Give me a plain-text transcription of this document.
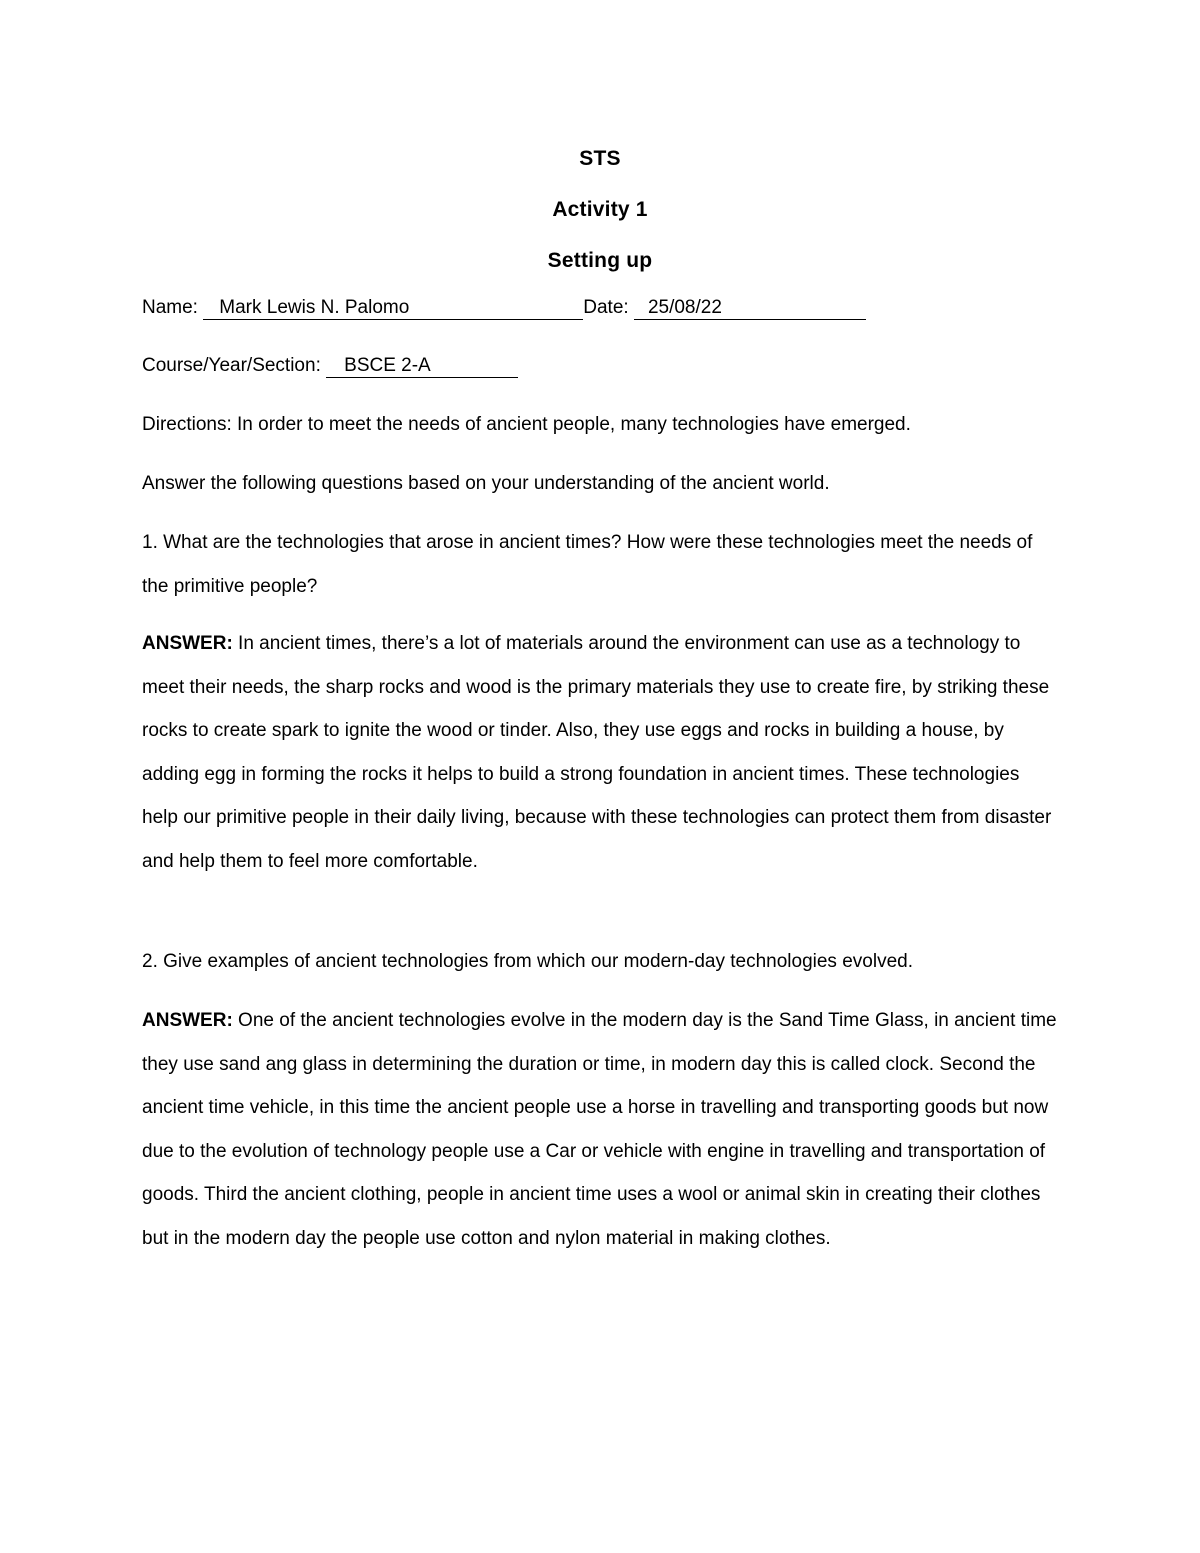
STS
Activity 1
Setting up
Name: Mark Lewis N. Palomo	Date: 25/08/22
Course/Year/Section: BSCE 2-A

Directions: In order to meet the needs of ancient people, many technologies have emerged.

Answer the following questions based on your understanding of the ancient world.

1. What are the technologies that arose in ancient times? How were these technologies meet the needs of the primitive people?

ANSWER: In ancient times, there’s a lot of materials around the environment can use as a technology to meet their needs, the sharp rocks and wood is the primary materials they use to create fire, by striking these rocks to create spark to ignite the wood or tinder. Also, they use eggs and rocks in building a house, by adding egg in forming the rocks it helps to build a strong foundation in ancient times. These technologies help our primitive people in their daily living, because with these technologies can protect them from disaster and help them to feel more comfortable.

2. Give examples of ancient technologies from which our modern-day technologies evolved.

ANSWER: One of the ancient technologies evolve in the modern day is the Sand Time Glass, in ancient time they use sand ang glass in determining the duration or time, in modern day this is called clock. Second the ancient time vehicle, in this time the ancient people use a horse in travelling and transporting goods but now due to the evolution of technology people use a Car or vehicle with engine in travelling and transportation of goods. Third the ancient clothing, people in ancient time uses a wool or animal skin in creating their clothes but in the modern day the people use cotton and nylon material in making clothes.
